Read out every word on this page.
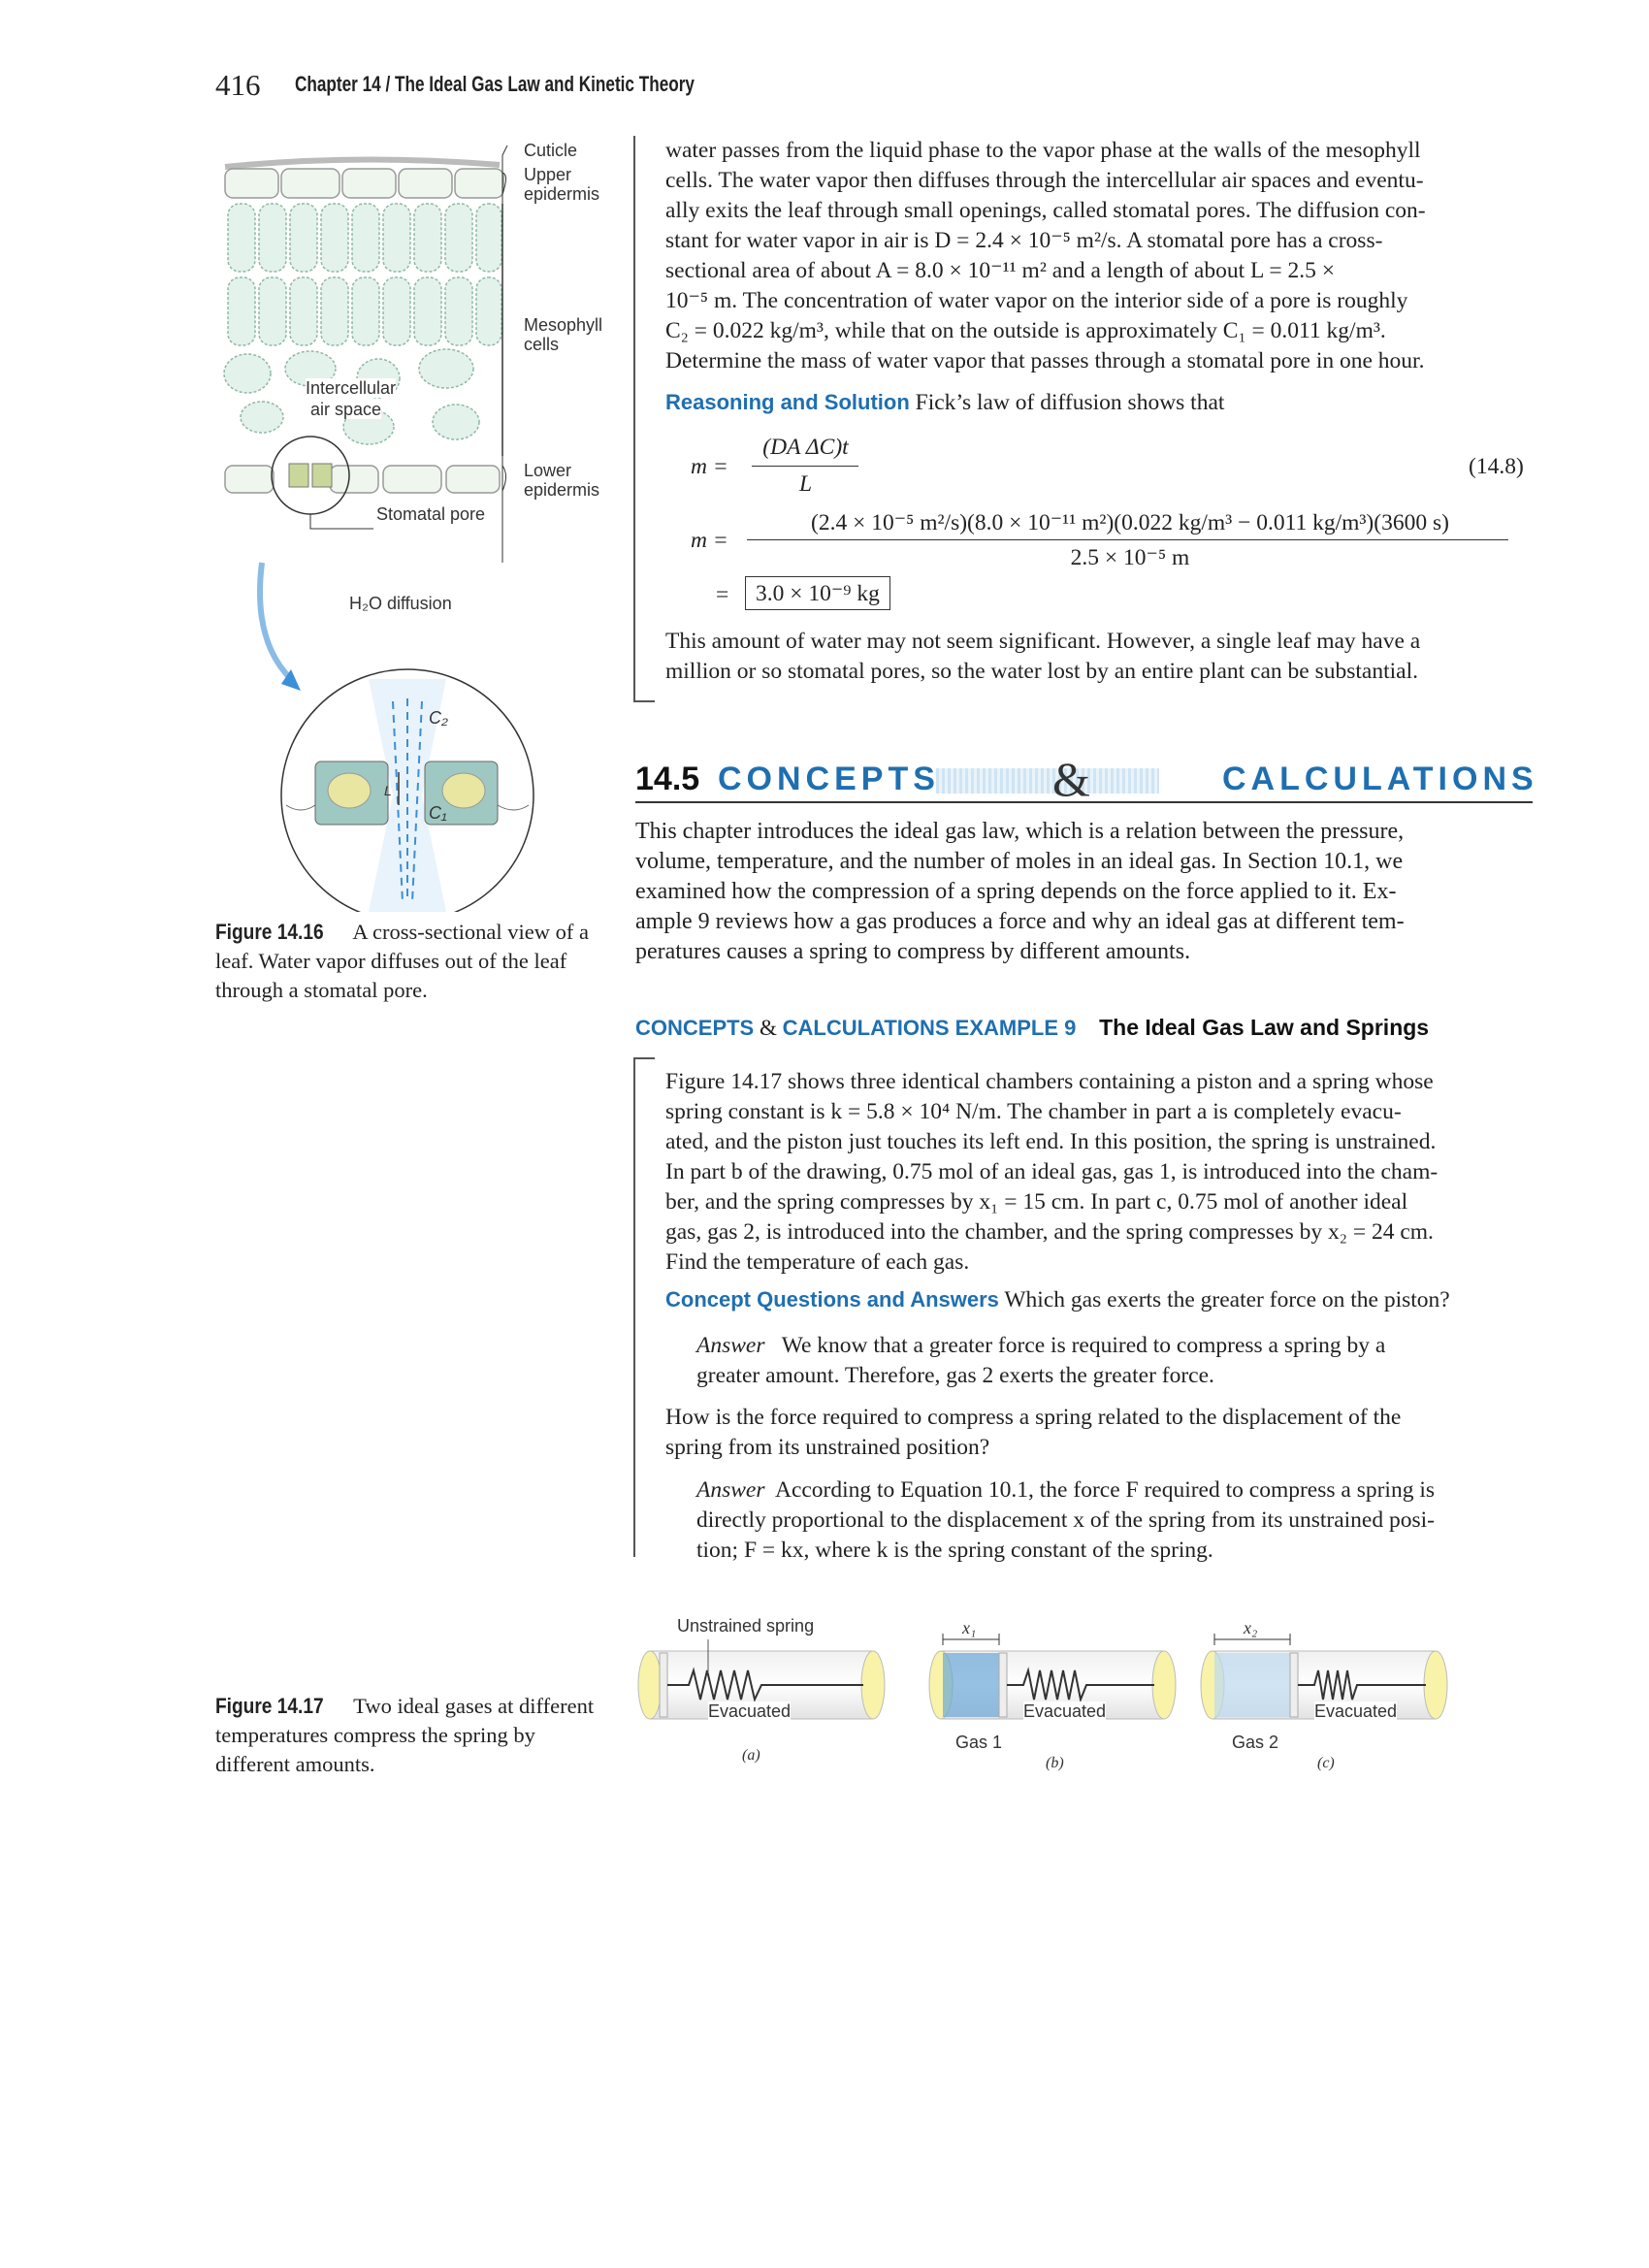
416 Chapter 14 / The Ideal Gas Law and Kinetic Theory
Cuticle
Upper
epidermis
Mesophyll
cells
Intercellular
air space
Lower
epidermis
Stomatal pore
H₂O diffusion
C₂
C₁
L
Figure 14.16 A cross-sectional view of a leaf. Water vapor diffuses out of the leaf through a stomatal pore.
water passes from the liquid phase to the vapor phase at the walls of the mesophyll
cells. The water vapor then diffuses through the intercellular air spaces and eventu-
ally exits the leaf through small openings, called stomatal pores. The diffusion con-
stant for water vapor in air is D = 2.4 × 10⁻⁵ m²/s. A stomatal pore has a cross-
sectional area of about A = 8.0 × 10⁻¹¹ m² and a length of about L = 2.5 ×
10⁻⁵ m. The concentration of water vapor on the interior side of a pore is roughly
C₂ = 0.022 kg/m³, while that on the outside is approximately C₁ = 0.011 kg/m³.
Determine the mass of water vapor that passes through a stomatal pore in one hour.
Reasoning and Solution Fick’s law of diffusion shows that
m =
(DA ΔC)t
L
(14.8)
m =
(2.4 × 10⁻⁵ m²/s)(8.0 × 10⁻¹¹ m²)(0.022 kg/m³ − 0.011 kg/m³)(3600 s)
2.5 × 10⁻⁵ m
=	3.0 × 10⁻⁹ kg
This amount of water may not seem significant. However, a single leaf may have a
million or so stomatal pores, so the water lost by an entire plant can be substantial.
14.5 CONCEPTS &	CALCULATIONS
This chapter introduces the ideal gas law, which is a relation between the pressure,
volume, temperature, and the number of moles in an ideal gas. In Section 10.1, we
examined how the compression of a spring depends on the force applied to it. Ex-
ample 9 reviews how a gas produces a force and why an ideal gas at different tem-
peratures causes a spring to compress by different amounts.
CONCEPTS & CALCULATIONS EXAMPLE 9 The Ideal Gas Law and Springs
Figure 14.17 shows three identical chambers containing a piston and a spring whose
spring constant is k = 5.8 × 10⁴ N/m. The chamber in part a is completely evacu-
ated, and the piston just touches its left end. In this position, the spring is unstrained.
In part b of the drawing, 0.75 mol of an ideal gas, gas 1, is introduced into the cham-
ber, and the spring compresses by x₁ = 15 cm. In part c, 0.75 mol of another ideal
gas, gas 2, is introduced into the chamber, and the spring compresses by x₂ = 24 cm.
Find the temperature of each gas.
Concept Questions and Answers Which gas exerts the greater force on the piston?
Answer We know that a greater force is required to compress a spring by a
greater amount. Therefore, gas 2 exerts the greater force.
How is the force required to compress a spring related to the displacement of the
spring from its unstrained position?
Answer According to Equation 10.1, the force F required to compress a spring is
directly proportional to the displacement x of the spring from its unstrained posi-
tion; F = kx, where k is the spring constant of the spring.
Unstrained spring
Evacuated	Evacuated	Evacuated
Gas 1	Gas 2
x₁	x₂
(a)	(b)	(c)
Figure 14.17 Two ideal gases at different temperatures compress the spring by different amounts.
